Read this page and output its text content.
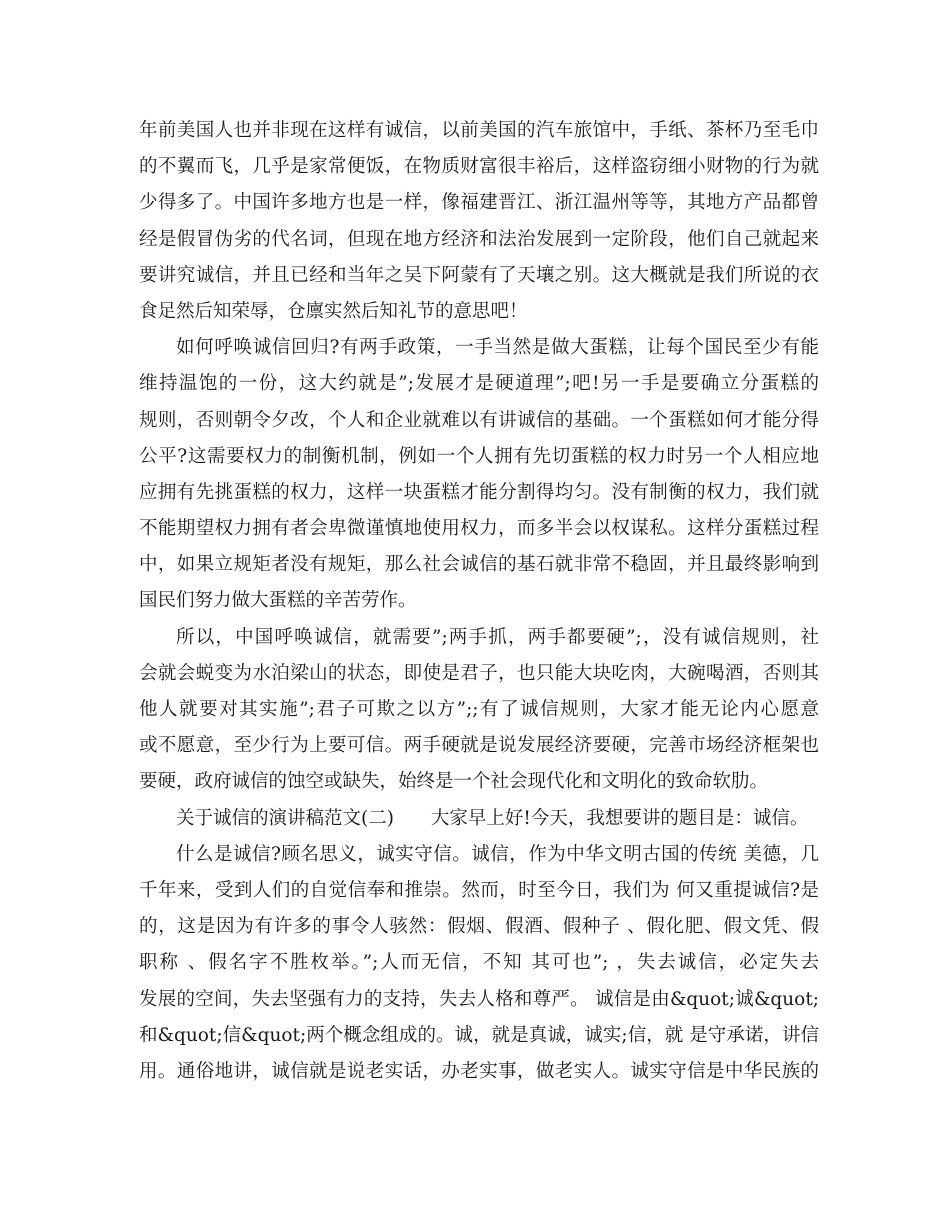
年前美国人也并非现在这样有诚信，以前美国的汽车旅馆中，手纸、茶杯乃至毛巾
的不翼而飞，几乎是家常便饭，在物质财富很丰裕后，这样盗窃细小财物的行为就
少得多了。中国许多地方也是一样，像福建晋江、浙江温州等等，其地方产品都曾
经是假冒伪劣的代名词，但现在地方经济和法治发展到一定阶段，他们自己就起来
要讲究诚信，并且已经和当年之吴下阿蒙有了天壤之别。这大概就是我们所说的衣
食足然后知荣辱，仓廪实然后知礼节的意思吧！
如何呼唤诚信回归?有两手政策，一手当然是做大蛋糕，让每个国民至少有能
维持温饱的一份，这大约就是”;发展才是硬道理”;吧!另一手是要确立分蛋糕的
规则，否则朝令夕改，个人和企业就难以有讲诚信的基础。一个蛋糕如何才能分得
公平?这需要权力的制衡机制，例如一个人拥有先切蛋糕的权力时另一个人相应地
应拥有先挑蛋糕的权力，这样一块蛋糕才能分割得均匀。没有制衡的权力，我们就
不能期望权力拥有者会卑微谨慎地使用权力，而多半会以权谋私。这样分蛋糕过程
中，如果立规矩者没有规矩，那么社会诚信的基石就非常不稳固，并且最终影响到
国民们努力做大蛋糕的辛苦劳作。
所以，中国呼唤诚信，就需要”;两手抓，两手都要硬”;，没有诚信规则，社
会就会蜕变为水泊梁山的状态，即使是君子，也只能大块吃肉，大碗喝酒，否则其
他人就要对其实施”;君子可欺之以方”;;有了诚信规则，大家才能无论内心愿意
或不愿意，至少行为上要可信。两手硬就是说发展经济要硬，完善市场经济框架也
要硬，政府诚信的蚀空或缺失，始终是一个社会现代化和文明化的致命软肋。
关于诚信的演讲稿范文(二)　　大家早上好!今天，我想要讲的题目是：诚信。
什么是诚信?顾名思义，诚实守信。诚信，作为中华文明古国的传统 美德，几
千年来，受到人们的自觉信奉和推崇。然而，时至今日，我们为 何又重提诚信?是
的，这是因为有许多的事令人骇然：假烟、假酒、假种子 、假化肥、假文凭、假
职称 、假名字不胜枚举。”;人而无信，不知 其可也”; ，失去诚信，必定失去
发展的空间，失去坚强有力的支持，失去人格和尊严。 诚信是由&quot;诚&quot;
和&quot;信&quot;两个概念组成的。诚，就是真诚，诚实;信，就 是守承诺，讲信
用。通俗地讲，诚信就是说老实话，办老实事，做老实人。诚实守信是中华民族的
